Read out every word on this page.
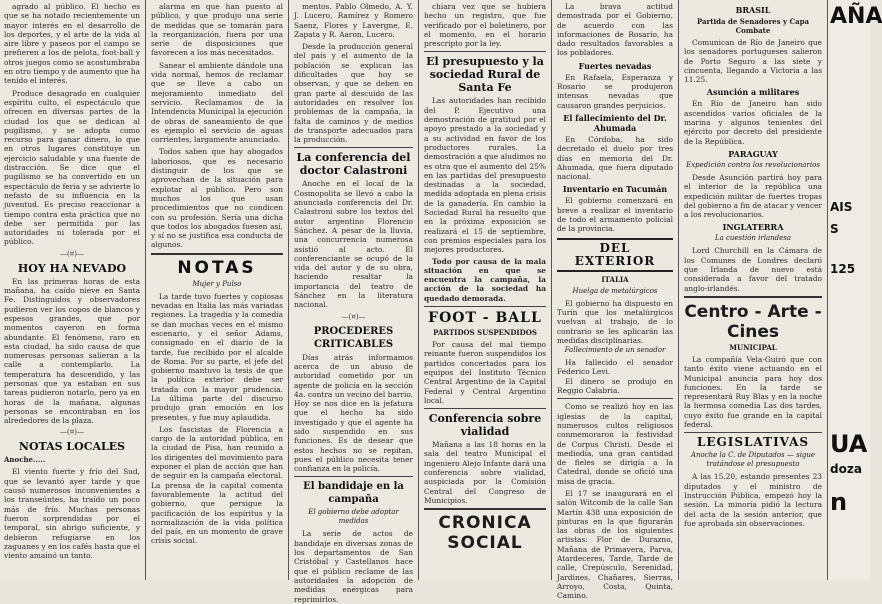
agrado al público. El hecho es que se ha notado recientemente un mayor interés en el desarrollo de los deportes, y el arte de la vida al aire libre y paseos por el campo se prefieren a los de pelota, foot-ball y otros juegos como se acostumbraba en otro tiempo y de aumento que ha tenido el interés.

Produce desagrado en cualquier espíritu culto, el espectáculo que ofrecen en diversas partes de la ciudad los que se dedican al pugilismo, y se adopta como recurso para ganar dinero, lo que en otros lugares constituye un ejercicio saludable y una fuente de distracción. Se dice que el pugilismo se ha convertido en un espectáculo de feria y se advierte lo nefasto de su influencia en la juventud. Es preciso reaccionar a tiempo contra esta práctica que no debe ser permitida por las autoridades ni tolerada por el público.

—(¤)—
HOY HA NEVADO

En las primeras horas de esta mañana, ha caído nieve en Santa Fe. Distinguidos y observadores pudieron ver los copos de blancos y espesos grandes, que por momentos cayeron en forma abundante. El fenómeno, raro en esta ciudad, ha sido causa de que numerosas personas salieran a la calle a contemplarlo. La temperatura ha descendido, y las personas que ya estaban en sus tareas pudieron notarlo, pero ya en horas de la mañana, algunas personas se encontraban en los alrededores de la plaza.

—(¤)—
NOTAS LOCALES
Anoche.....

El viento fuerte y frío del Sud, que se levantó ayer tarde y que causó numerosos inconvenientes a los transeúntes, ha traído un poco más de frío. Muchas personas fueron sorprendidas por el temporal, sin abrigo suficiente, y debieron refugiarse en los zaguanes y en los cafés hasta que el viento amainó un tanto.

alarma en que han puesto al público, y que produjo una serie de medidas que se tomarán para la reorganización, fuera por una serie de disposiciones que favorecen a los más necesitados.

Sanear el ambiente dándole una vida normal, hemos de reclamar que se lleve a cabo un mejoramiento inmediato del servicio. Reclamamos de la Intendencia Municipal la ejecución de obras de saneamiento de que es ejemplo el servicio de aguas corrientes, largamente anunciado.

Todos saben que hay abogados laboriosos, que es necesario distinguir de los que se aprovechan de la situación para explotar al público. Pero son muchos los que usan procedimientos que no condicen con su profesión. Sería una dicha que todos los abogados fuesen así, y sí no se justifica esa conducta de algunos.

NOTAS
Mujer y Pulso

La tarde tuvo fuertes y copiosas nevadas en Italia las más variadas regiones. La tragedia y la comedia se dan muchas veces en el mismo escenario, y el señor Adams, consignado en el diario de la tarde, fue recibido por el alcalde de Roma. Por su parte, el jefe del gobierno mantuvo la tesis de que la política exterior debe ser tratada con la mayor prudencia. La última parte del discurso produjo gran emoción en los presentes, y fue muy aplaudida.

Los fascistas de Florencia a cargo de la autoridad pública, en la ciudad de Pisa, han reunido a los dirigentes del movimiento para exponer el plan de acción que han de seguir en la campaña electoral. La prensa de la capital comenta favorablemente la actitud del gobierno, que persigue la pacificación de los espíritus y la normalización de la vida política del país, en un momento de grave crisis social.

mentos. Pablo Olmedo, A. Y. J. Lucero, Ramírez y Romero Saenz, Flores y Lavergne, E. Zapata y R. Aaron, Lucero.

Desde la producción general del país y el aumento de la población se explican las dificultades que hoy se observan, y que se deben en gran parte al descuido de las autoridades en resolver los problemas de la campaña, la falta de caminos y de medios de transporte adecuados para la producción.

La conferencia del doctor Calastroni

Anoche en el local de la Cosmopolita se llevó a cabo la anunciada conferencia del Dr. Calastroni sobre los textos del autor argentino Florencio Sánchez. A pesar de la lluvia, una concurrencia numerosa asistió al acto. El conferenciante se ocupó de la vida del autor y de su obra, haciendo resaltar la importancia del teatro de Sánchez en la literatura nacional.

—(¤)—
PROCEDERES CRITICABLES

Días atrás informamos acerca de un abuso de autoridad cometido por un agente de policía en la sección 4a. contra un vecino del barrio. Hoy se nos dice en la jefatura que el hecho ha sido investigado y que el agente ha sido suspendido en sus funciones. Es de desear que estos hechos no se repitan, pues el público necesita tener confianza en la policía.

El bandidaje en la campaña
El gobierno debe adoptar medidas

La serie de actos de bandidaje en diversas zonas de los departamentos de San Cristóbal y Castellanos hace que el público reclame de las autoridades la adopción de medidas enérgicas para reprimirlos.

chiara vez que se hubiera hecho un registro, que fue verificado por el boletinero, por el momento, en el horario prescripto por la ley.

El presupuesto y la sociedad Rural de Santa Fe

Las autoridades han recibido del P. Ejecutivo una demostración de gratitud por el apoyo prestado a la sociedad y a su actividad en favor de los productores rurales. La demostración a que aludimos no es otra que el aumento del 25% en las partidas del presupuesto destinadas a la sociedad, medida adoptada en plena crisis de la ganadería. En cambio la Sociedad Rural ha resuelto que en la próxima exposición se realizará el 15 de septiembre, con premios especiales para los mejores productores.

Todo por causa de la mala situación en que se encuentra la campaña, la acción de la sociedad ha quedado demorada.

FOOT - BALL
PARTIDOS SUSPENDIDOS

Por causa del mal tiempo reinante fueron suspendidos los partidos concertados para los equipos del Instituto Técnico Central Argentino de la Capital Federal y Central Argentino local.

Conferencia sobre vialidad

Mañana a las 18 horas en la sala del teatro Municipal el ingeniero Alejo Infante dará una conferencia sobre vialidad, auspiciada por la Comisión Central del Congreso de Municipios.

CRONICA SOCIAL

La brava actitud demostrada por el Gobierno, de acuerdo con las informaciones de Rosario, ha dado resultados favorables a los pobladores.

Fuertes nevadas

En Rafaela, Esperanza y Rosario se produjeron intensas nevadas que causaron grandes perjuicios.

El fallecimiento del Dr. Ahumada

En Córdoba, ha sido decretado el duelo por tres días en memoria del Dr. Ahumada, que fuera diputado nacional.

Inventario en Tucumán

El gobierno comenzará en breve a realizar el inventario de todo el armamento policial de la provincia.

DEL EXTERIOR
ITALIA
Huelga de metalúrgicos

El gobierno ha dispuesto en Turín que los metalúrgicos vuelvan al trabajo, de lo contrario se les aplicarán las medidas disciplinarias.

Fallecimiento de un senador

Ha fallecido el senador Federico Levi.

El dinero se produjo en Reggio Calabria.

Como se realizó hoy en las iglesias de la capital, numerosos cultos religiosos conmemoraron la festividad de Corpus Christi. Desde el mediodía, una gran cantidad de fieles se dirigía a la Catedral, donde se ofició una misa de gracia.

El 17 se inaugurará en el salón Witcomb de la calle San Martín 438 una exposición de pinturas en la que figurarán las obras de los siguientes artistas: Flor de Durazno, Mañana de Primavera, Parva, Atardeceres, Tarde, Tarde de calle, Crepúsculo, Serenidad, Jardines, Chañares, Sierras, Arroyo, Costa, Quinta, Camino.

BRASIL
Partida de Senadores y Capa Combate

Comunican de Río de Janeiro que los senadores portugueses salieron de Porto Seguro a las siete y cincuenta, llegando a Victoria a las 11.25.

Asunción a militares

En Río de Janeiro han sido ascendidos varios oficiales de la marina y algunos tenientes del ejército por decreto del presidente de la República.

PARAGUAY
Expedición contra los revolucionarios

Desde Asunción partirá hoy para el interior de la república una expedición militar de fuertes tropas del gobierno a fin de atacar y vencer a los revolucionarios.

INGLATERRA
La cuestión irlandesa

Lord Churchill en la Cámara de los Comunes de Londres declaró que Irlanda de nuevo está considerada a favor del tratado anglo-irlandés.

Centro - Arte - Cines
MUNICIPAL

La compañía Vela-Guiró que con tanto éxito viene actuando en el Municipal anuncia para hoy dos funciones. En la tarde se representará Ruy Blas y en la noche la hermosa comedia Las dos tardes, cuyo éxito fue grande en la capital federal.

LEGISLATIVAS
Anoche la C. de Diputados — sigue tratándose el presupuesto

A las 15.20, estando presentes 23 diputados y el ministro de Instrucción Pública, empezó hoy la sesión. La minoría pidió la lectura del acta de la sesión anterior, que fue aprobada sin observaciones.

AÑA
AIS
S
125
UA
doza
n
